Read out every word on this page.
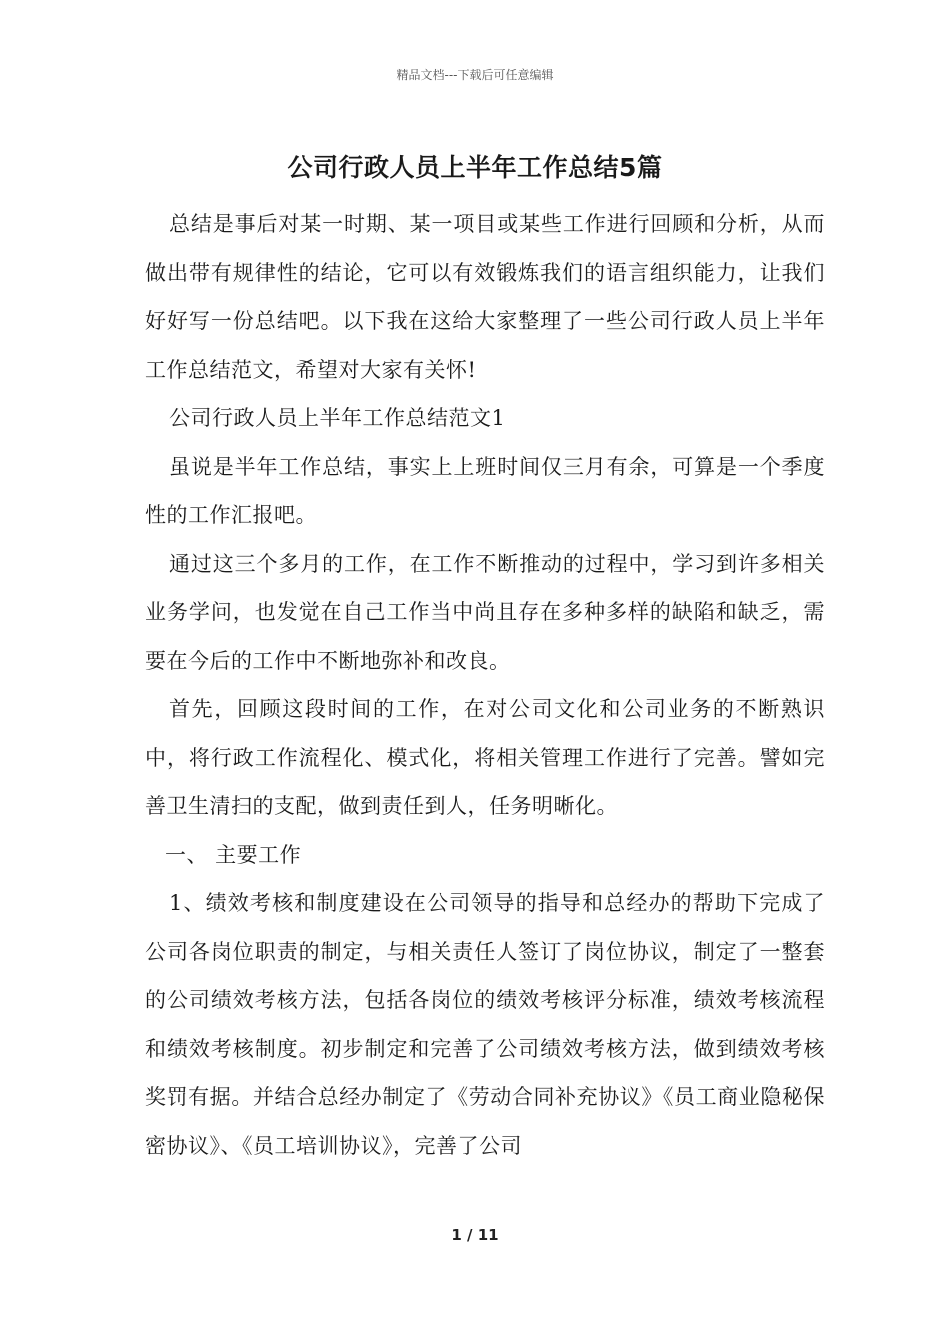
精品文档---下载后可任意编辑
公司行政人员上半年工作总结5篇

总结是事后对某一时期、某一项目或某些工作进行回顾和分析，从而做出带有规律性的结论，它可以有效锻炼我们的语言组织能力，让我们好好写一份总结吧。以下我在这给大家整理了一些公司行政人员上半年工作总结范文，希望对大家有关怀!

公司行政人员上半年工作总结范文1

虽说是半年工作总结，事实上上班时间仅三月有余，可算是一个季度性的工作汇报吧。

通过这三个多月的工作，在工作不断推动的过程中，学习到许多相关业务学问，也发觉在自己工作当中尚且存在多种多样的缺陷和缺乏，需要在今后的工作中不断地弥补和改良。

首先，回顾这段时间的工作，在对公司文化和公司业务的不断熟识中，将行政工作流程化、模式化，将相关管理工作进行了完善。譬如完善卫生清扫的支配，做到责任到人，任务明晰化。

一、 主要工作

1、绩效考核和制度建设在公司领导的指导和总经办的帮助下完成了公司各岗位职责的制定，与相关责任人签订了岗位协议，制定了一整套的公司绩效考核方法，包括各岗位的绩效考核评分标准，绩效考核流程和绩效考核制度。初步制定和完善了公司绩效考核方法，做到绩效考核奖罚有据。并结合总经办制定了《劳动合同补充协议》《员工商业隐秘保密协议》、《员工培训协议》，完善了公司

1 / 11
